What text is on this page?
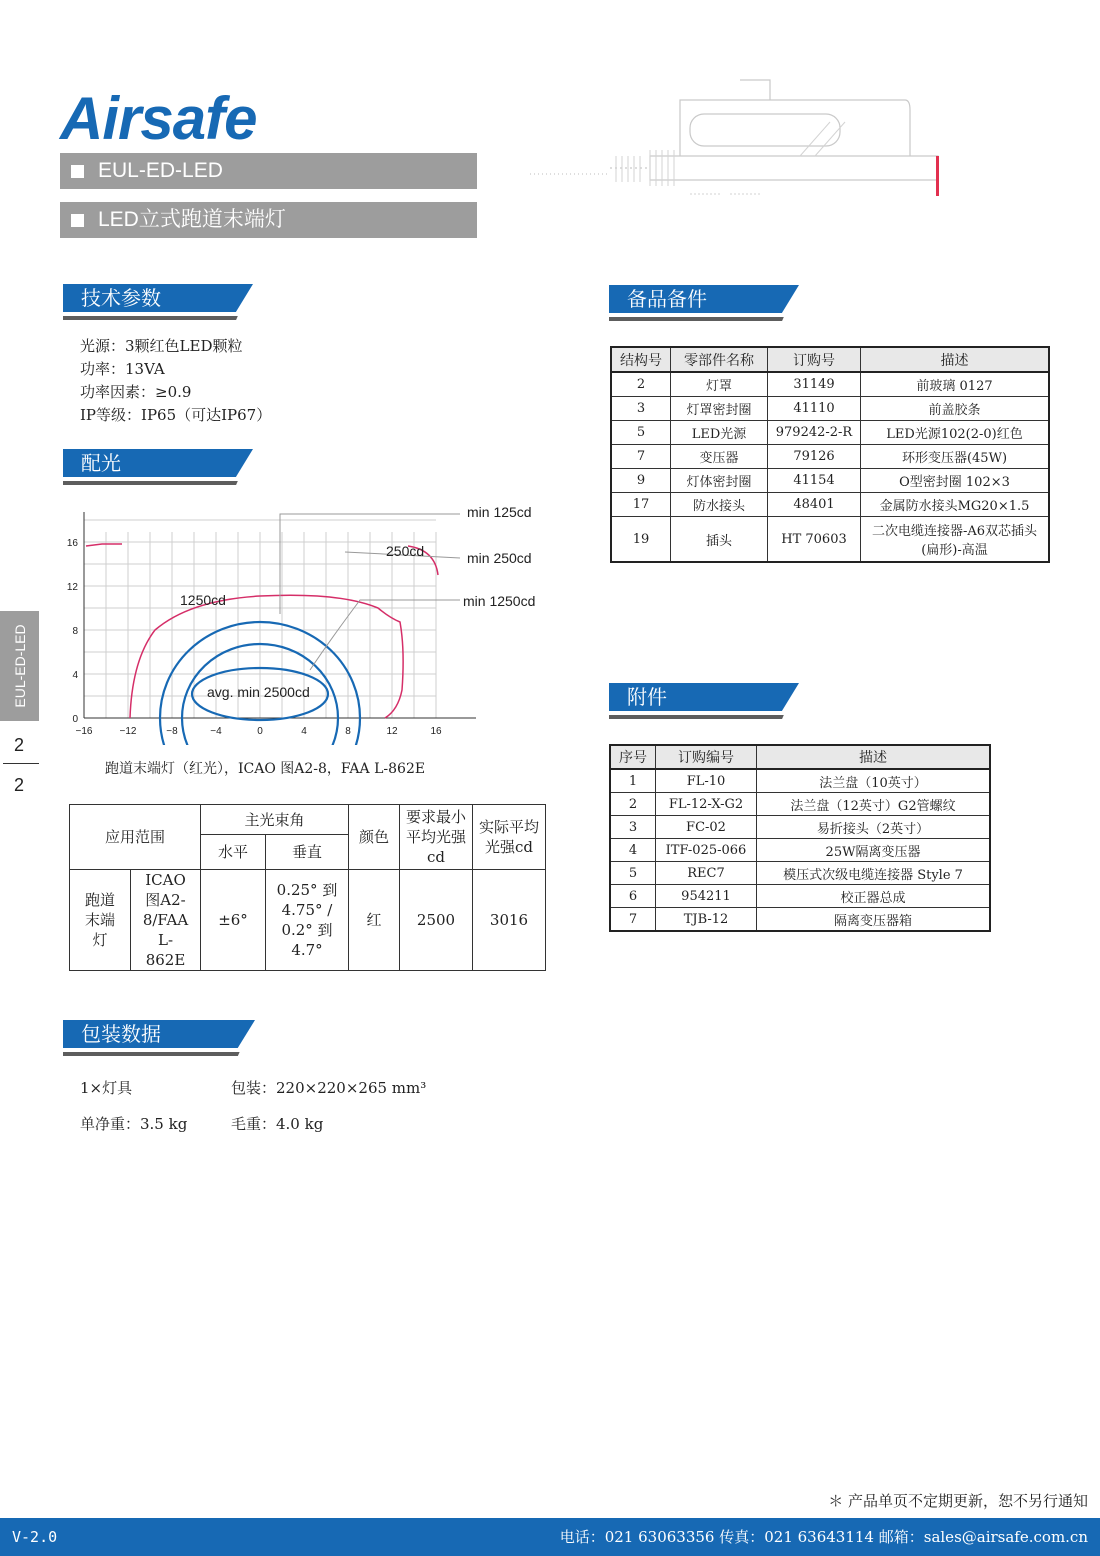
Airsafe
EUL-ED-LED
LED立式跑道末端灯
技术参数
光源：3颗红色LED颗粒
功率：13VA
功率因素：≥0.9
IP等级：IP65（可达IP67）
配光
−16	−12	−8	−4	0	4	8	12	16
0
4
8
12
16	250cd
1250cd
avg. min 2500cd
min 125cd
min 250cd
min 1250cd
跑道末端灯（红光），ICAO 图A2-8，FAA L-862E
应用范围		主光束角		颜色	要求最小平均光强cd	实际平均光强cd
		水平	垂直			
跑道末端灯	ICAO 图A2-8/FAA L-862E	±6°	0.25° 到4.75° / 0.2° 到4.7°	红	2500	3016
包装数据
1×灯具	包装：220×220×265 mm³
单净重：3.5 kg	毛重：4.0 kg
备品备件
结构号	零部件名称	订购号	描述
2	灯罩	31149	前玻璃 0127
3	灯罩密封圈	41110	前盖胶条
5	LED光源	979242-2-R	LED光源102(2-0)红色
7	变压器	79126	环形变压器(45W)
9	灯体密封圈	41154	O型密封圈 102×3
17	防水接头	48401	金属防水接头MG20×1.5
19	插头	HT 70603	二次电缆连接器-A6双芯插头(扁形)-高温
附件
序号	订购编号	描述
1	FL-10	法兰盘（10英寸）
2	FL-12-X-G2	法兰盘（12英寸）G2管螺纹
3	FC-02	易折接头（2英寸）
4	ITF-025-066	25W隔离变压器
5	REC7	模压式次级电缆连接器 Style 7
6	954211	校正器总成
7	TJB-12	隔离变压器箱
EUL-ED-LED
2
2
＊ 产品单页不定期更新，恕不另行通知
V-2.0	电话：021 63063356 传真：021 63643114 邮箱：sales@airsafe.com.cn
